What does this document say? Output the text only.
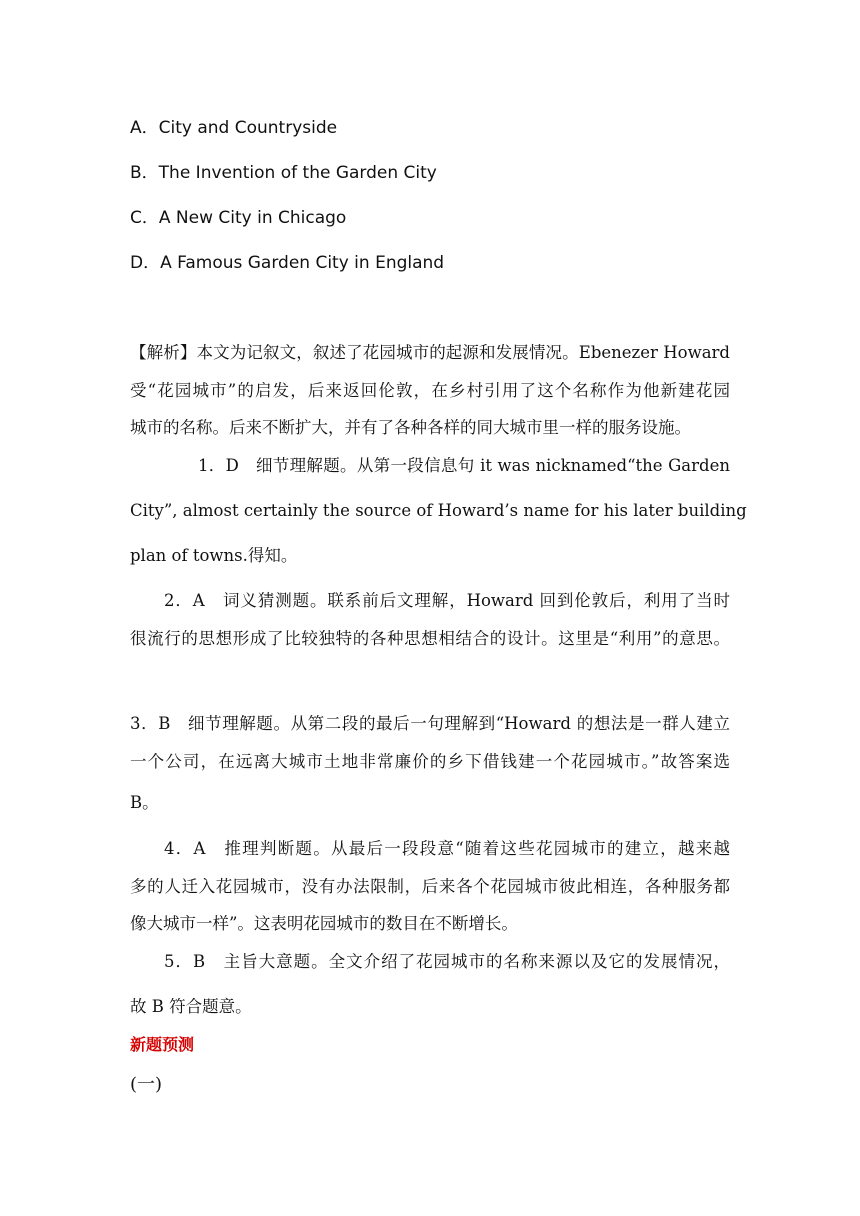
A．City and Countryside
B．The Invention of the Garden City
C．A New City in Chicago
D．A Famous Garden City in England
【解析】本文为记叙文，叙述了花园城市的起源和发展情况。Ebenezer Howard
受“花园城市”的启发，后来返回伦敦，在乡村引用了这个名称作为他新建花园
城市的名称。后来不断扩大，并有了各种各样的同大城市里一样的服务设施。
1．D　细节理解题。从第一段信息句 it was nicknamed“the Garden
City”, almost certainly the source of Howard’s name for his later building
plan of towns.得知。
2．A　词义猜测题。联系前后文理解，Howard 回到伦敦后，利用了当时
很流行的思想形成了比较独特的各种思想相结合的设计。这里是“利用”的意思。
3．B　细节理解题。从第二段的最后一句理解到“Howard 的想法是一群人建立
一个公司，在远离大城市土地非常廉价的乡下借钱建一个花园城市。”故答案选
B。
4．A　推理判断题。从最后一段段意“随着这些花园城市的建立，越来越
多的人迁入花园城市，没有办法限制，后来各个花园城市彼此相连，各种服务都
像大城市一样”。这表明花园城市的数目在不断增长。
5．B　主旨大意题。全文介绍了花园城市的名称来源以及它的发展情况，
故 B 符合题意。
新题预测
(一)
